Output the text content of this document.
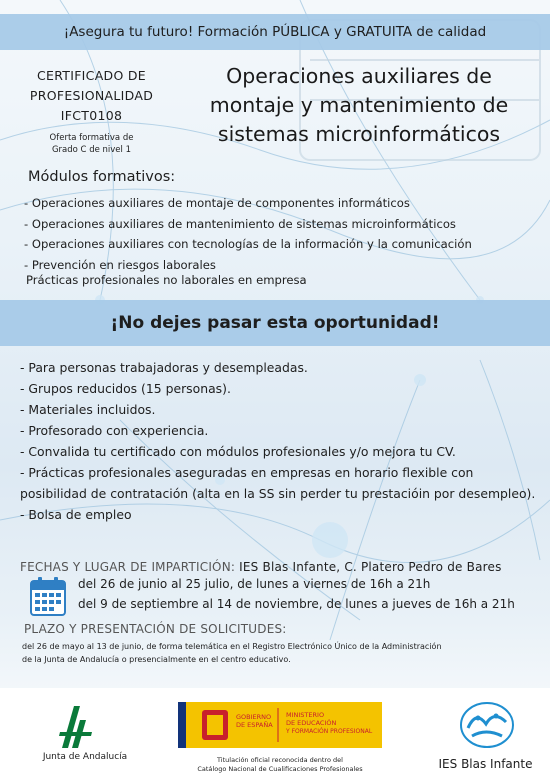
¡Asegura tu futuro! Formación PÚBLICA y GRATUITA de calidad
CERTIFICADO DE
PROFESIONALIDAD
IFCT0108
Oferta formativa de
Grado C de nivel 1
Operaciones auxiliares de
montaje y mantenimiento de
sistemas microinformáticos
Módulos formativos:
- Operaciones auxiliares de montaje de componentes informáticos
- Operaciones auxiliares de mantenimiento de sistemas microinformáticos
- Operaciones auxiliares con tecnologías de la información y la comunicación
- Prevención en riesgos laborales
Prácticas profesionales no laborales en empresa
¡No dejes pasar esta oportunidad!
- Para personas trabajadoras y desempleadas.
- Grupos reducidos (15 personas).
- Materiales incluidos.
- Profesorado con experiencia.
- Convalida tu certificado con módulos profesionales y/o mejora tu CV.
- Prácticas profesionales aseguradas en empresas en horario flexible con posibilidad de contratación (alta en la SS sin perder tu prestacióin por desempleo).
- Bolsa de empleo
FECHAS Y LUGAR DE IMPARTICIÓN: IES Blas Infante, C. Platero Pedro de Bares
del 26 de junio al 25 julio, de lunes a viernes de 16h a 21h
del 9 de septiembre al 14 de noviembre, de lunes a jueves de 16h a 21h
PLAZO Y PRESENTACIÓN DE SOLICITUDES:
del 26 de mayo al 13 de junio, de forma telemática en el Registro Electrónico Único de la Administración
de la Junta de Andalucía o presencialmente en el centro educativo.
Junta de Andalucía
GOBIERNO
DE ESPAÑA
MINISTERIO
DE EDUCACIÓN
Y FORMACIÓN PROFESIONAL
Titulación oficial reconocida dentro del
Catálogo Nacional de Cualificaciones Profesionales	IES Blas Infante
